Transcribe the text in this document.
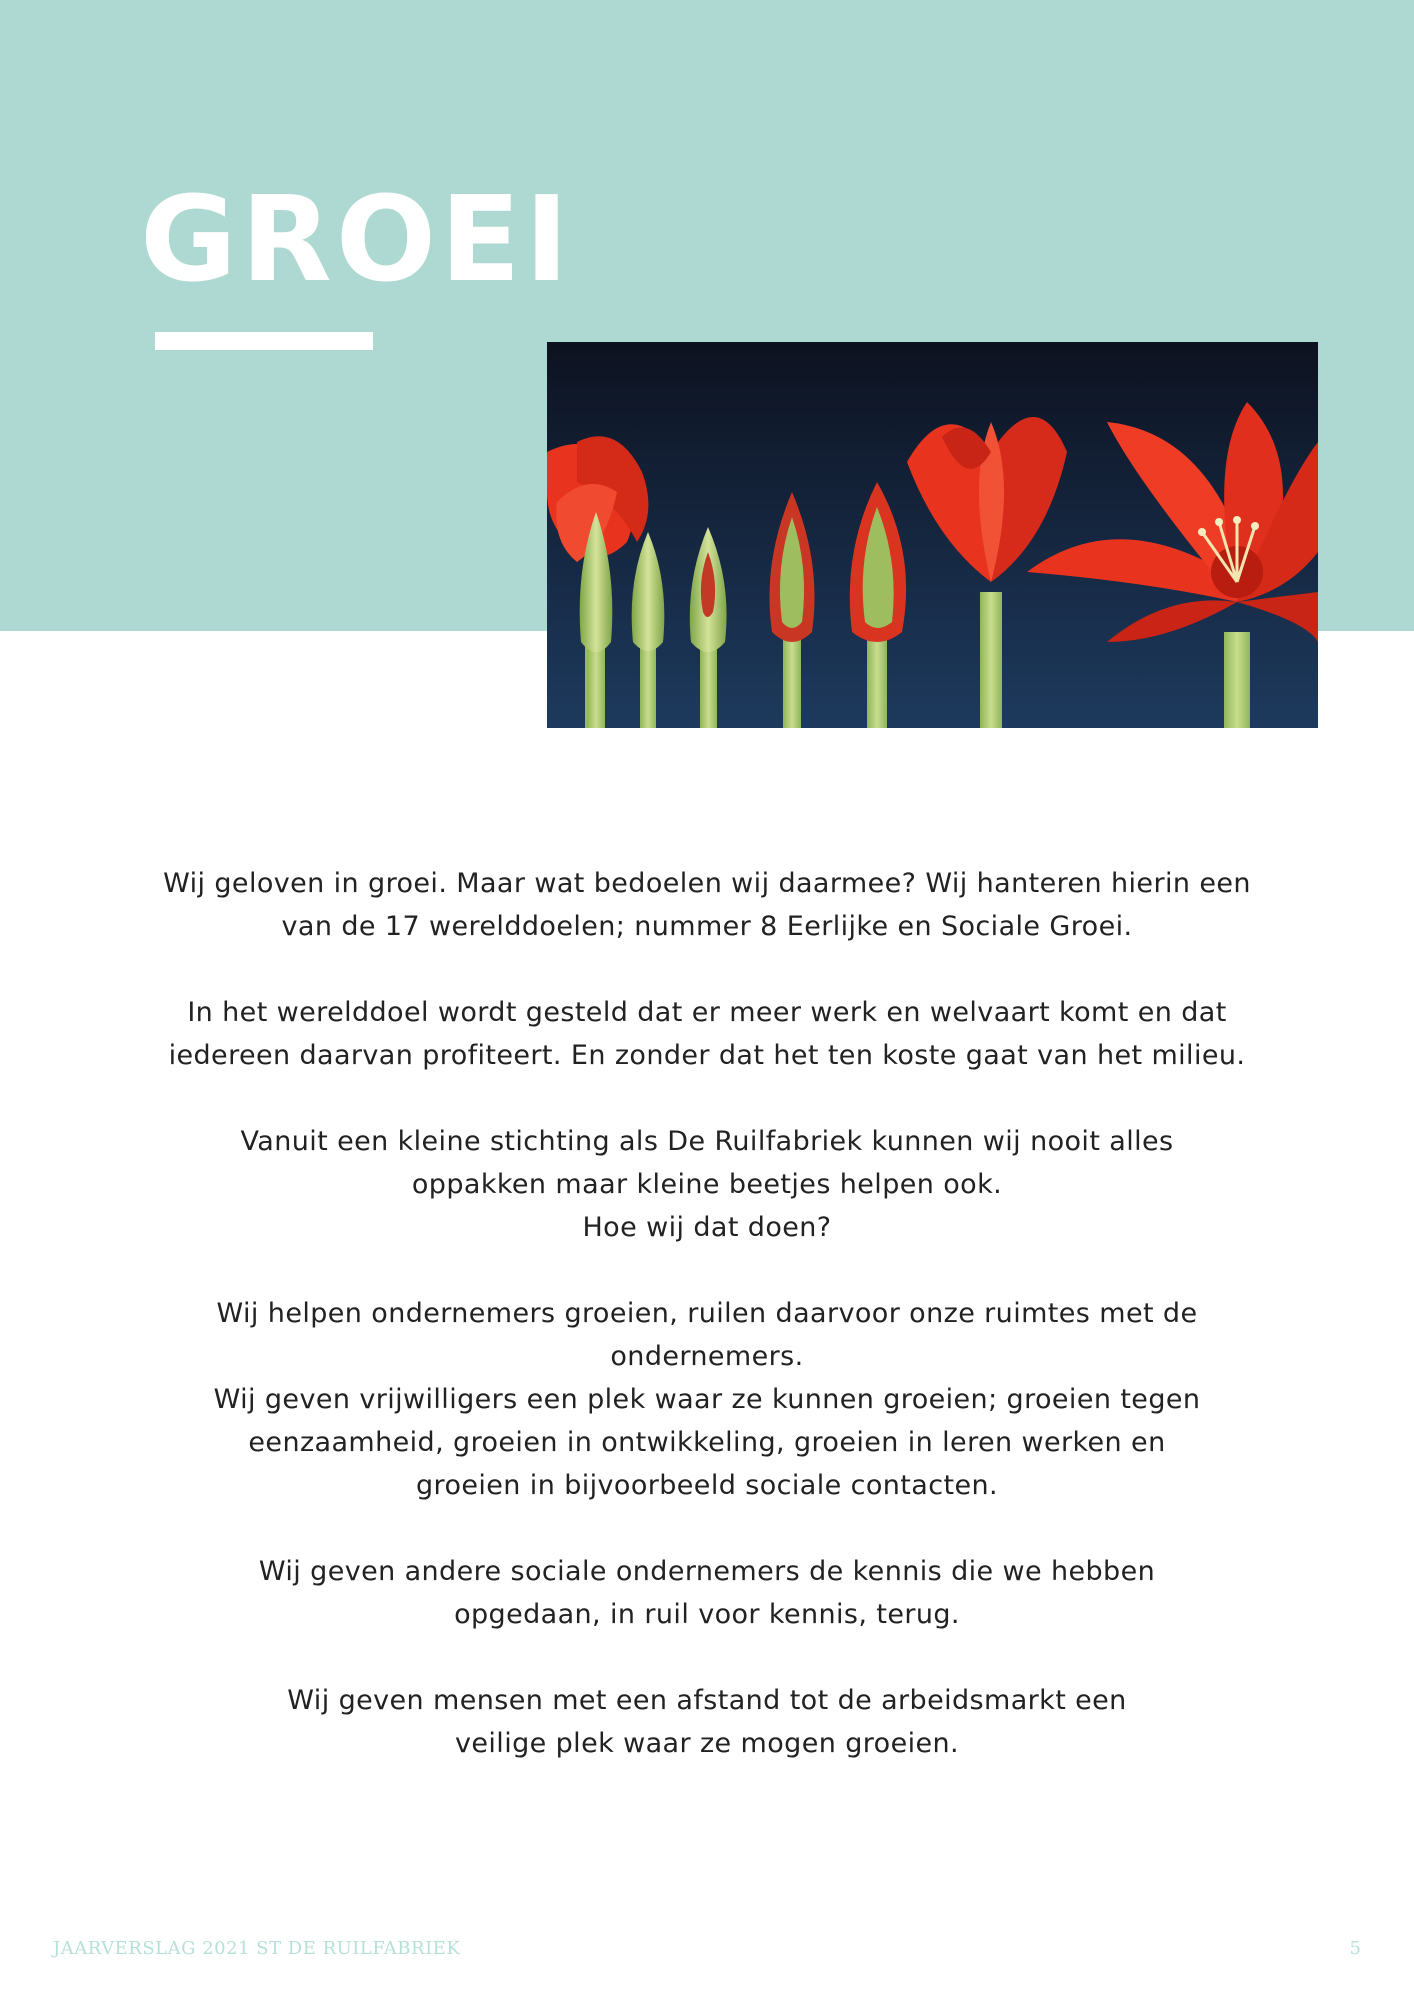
GROEI

Wij geloven in groei. Maar wat bedoelen wij daarmee? Wij hanteren hierin een
van de 17 werelddoelen; nummer 8 Eerlijke en Sociale Groei.

In het werelddoel wordt gesteld dat er meer werk en welvaart komt en dat
iedereen daarvan profiteert. En zonder dat het ten koste gaat van het milieu.

Vanuit een kleine stichting als De Ruilfabriek kunnen wij nooit alles
oppakken maar kleine beetjes helpen ook.
Hoe wij dat doen?

Wij helpen ondernemers groeien, ruilen daarvoor onze ruimtes met de
ondernemers.
Wij geven vrijwilligers een plek waar ze kunnen groeien; groeien tegen
eenzaamheid, groeien in ontwikkeling, groeien in leren werken en
groeien in bijvoorbeeld sociale contacten.

Wij geven andere sociale ondernemers de kennis die we hebben
opgedaan, in ruil voor kennis, terug.

Wij geven mensen met een afstand tot de arbeidsmarkt een
veilige plek waar ze mogen groeien.

JAARVERSLAG 2021 ST DE RUILFABRIEK	5
